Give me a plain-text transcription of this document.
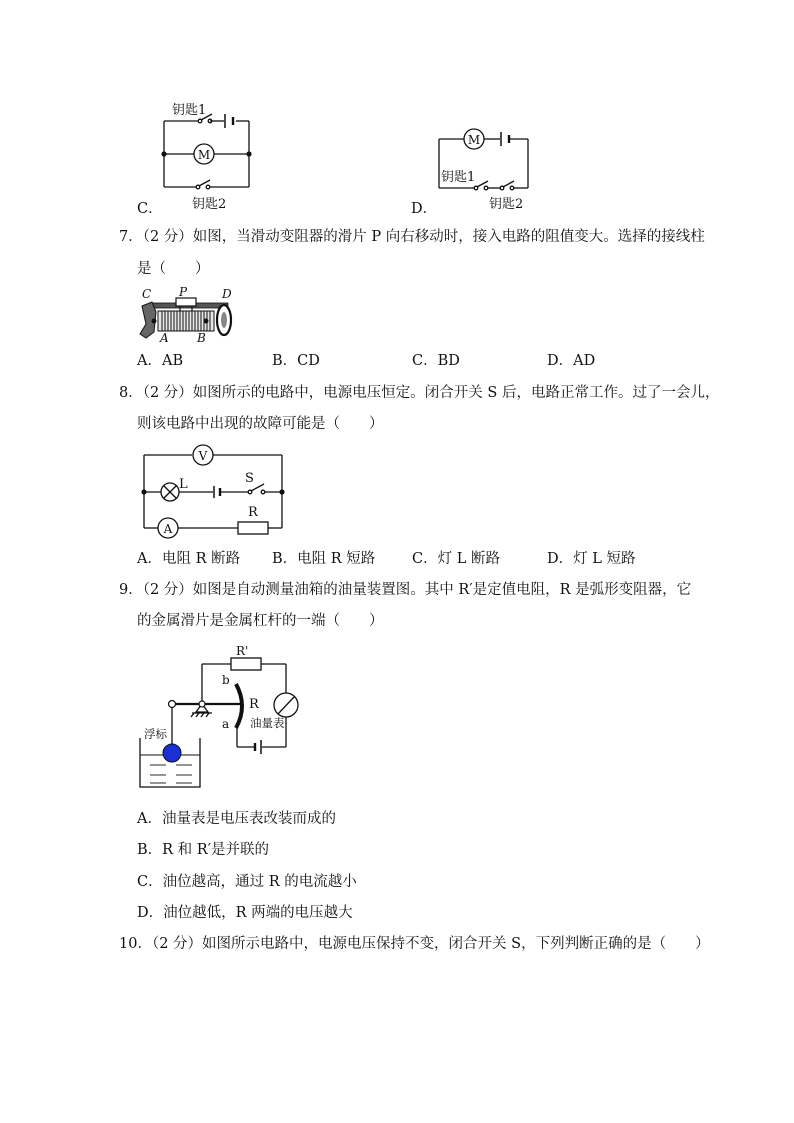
M
钥匙1
钥匙2
M
钥匙1
钥匙2
C．	D．
7．（2 分）如图，当滑动变阻器的滑片 P 向右移动时，接入电路的阻值变大。选择的接线柱
是（　　）
C P	D
A B
A．AB	B．CD	C．BD	D．AD
8．（2 分）如图所示的电路中，电源电压恒定。闭合开关 S 后，电路正常工作。过了一会儿，
则该电路中出现的故障可能是（　　）
V
L	S
A
R
A．电阻 R 断路 B．电阻 R 短路	C．灯 L 断路	D．灯 L 短路
9．（2 分）如图是自动测量油箱的油量装置图。其中 R′是定值电阻，R 是弧形变阻器，它
的金属滑片是金属杠杆的一端（　　）
R'
b
R
a 油量表
浮标
A．油量表是电压表改装而成的
B．R 和 R′是并联的
C．油位越高，通过 R 的电流越小
D．油位越低，R 两端的电压越大
10．（2 分）如图所示电路中，电源电压保持不变，闭合开关 S，下列判断正确的是（　　）
